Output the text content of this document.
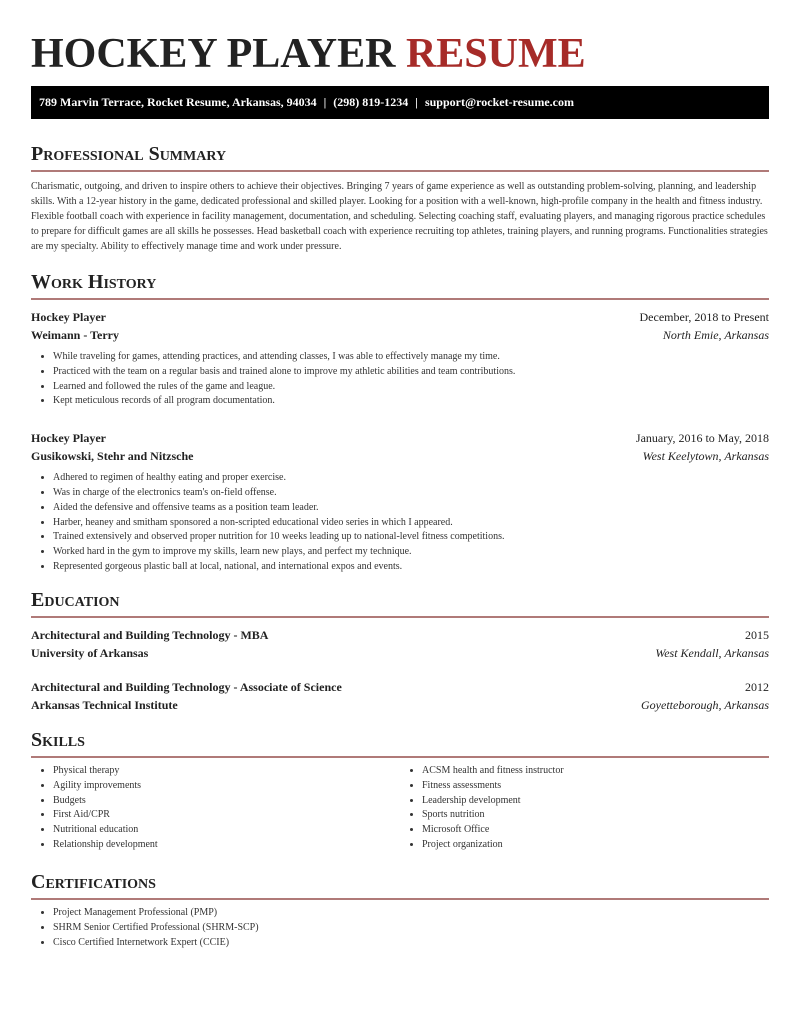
HOCKEY PLAYER RESUME
789 Marvin Terrace, Rocket Resume, Arkansas, 94034 | (298) 819-1234 | support@rocket-resume.com
Professional Summary

Charismatic, outgoing, and driven to inspire others to achieve their objectives. Bringing 7 years of game experience as well as outstanding problem-solving, planning, and leadership skills. With a 12-year history in the game, dedicated professional and skilled player. Looking for a position with a well-known, high-profile company in the health and fitness industry. Flexible football coach with experience in facility management, documentation, and scheduling. Selecting coaching staff, evaluating players, and managing rigorous practice schedules to prepare for difficult games are all skills he possesses. Head basketball coach with experience recruiting top athletes, training players, and running programs. Functionalities strategies are my specialty. Ability to effectively manage time and work under pressure.

Work History
Hockey Player	December, 2018 to Present
Weimann - Terry	North Emie, Arkansas
• While traveling for games, attending practices, and attending classes, I was able to effectively manage my time.
• Practiced with the team on a regular basis and trained alone to improve my athletic abilities and team contributions.
• Learned and followed the rules of the game and league.
• Kept meticulous records of all program documentation.
Hockey Player	January, 2016 to May, 2018
Gusikowski, Stehr and Nitzsche	West Keelytown, Arkansas
• Adhered to regimen of healthy eating and proper exercise.
• Was in charge of the electronics team's on-field offense.
• Aided the defensive and offensive teams as a position team leader.
• Harber, heaney and smitham sponsored a non-scripted educational video series in which I appeared.
• Trained extensively and observed proper nutrition for 10 weeks leading up to national-level fitness competitions.
• Worked hard in the gym to improve my skills, learn new plays, and perfect my technique.
• Represented gorgeous plastic ball at local, national, and international expos and events.
Education
Architectural and Building Technology - MBA	2015
University of Arkansas	West Kendall, Arkansas
Architectural and Building Technology - Associate of Science	2012
Arkansas Technical Institute	Goyetteborough, Arkansas
Skills
• Physical therapy
• Agility improvements
• Budgets
• First Aid/CPR
• Nutritional education
• Relationship development
• ACSM health and fitness instructor
• Fitness assessments
• Leadership development
• Sports nutrition
• Microsoft Office
• Project organization
Certifications
• Project Management Professional (PMP)
• SHRM Senior Certified Professional (SHRM-SCP)
• Cisco Certified Internetwork Expert (CCIE)
